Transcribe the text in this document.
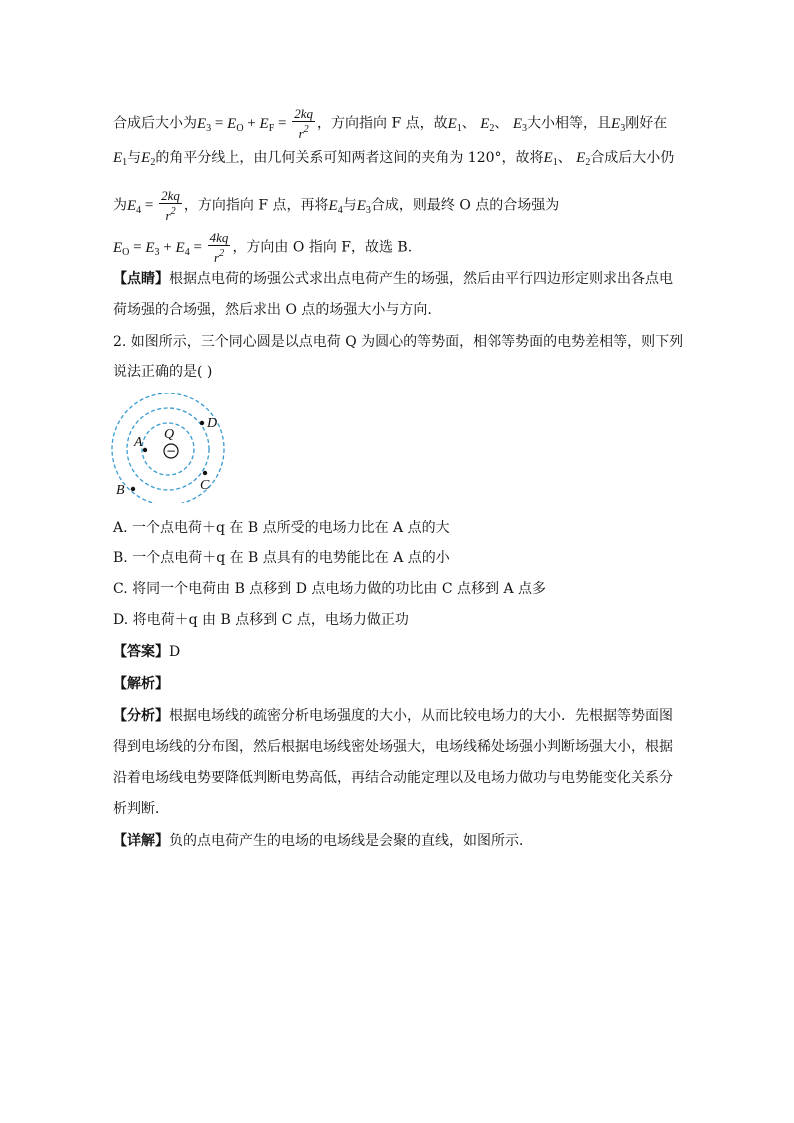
合成后大小为$E_3 = E_O + E_F = \frac{2kq}{r^2}$ ，方向指向 F 点，故$E_1$、 $E_2$、 $E_3$大小相等，且$E_3$刚好在
$E_1$与$E_2$的角平分线上，由几何关系可知两者这间的夹角为 120°，故将$E_1$、 $E_2$合成后大小仍
为$E_4 = \frac{2kq}{r^2}$ ，方向指向 F 点，再将$E_4$与$E_3$合成，则最终 O 点的合场强为
$E_O = E_3 + E_4 = \frac{4kq}{r^2}$ ，方向由 O 指向 F，故选 B.
【点睛】根据点电荷的场强公式求出点电荷产生的场强，然后由平行四边形定则求出各点电
荷场强的合场强，然后求出 O 点的场强大小与方向.
2. 如图所示，三个同心圆是以点电荷 Q 为圆心的等势面，相邻等势面的电势差相等，则下列
说法正确的是( )
−
Q
A
D
C
B
A. 一个点电荷＋q 在 B 点所受的电场力比在 A 点的大
B. 一个点电荷＋q 在 B 点具有的电势能比在 A 点的小
C. 将同一个电荷由 B 点移到 D 点电场力做的功比由 C 点移到 A 点多
D. 将电荷＋q 由 B 点移到 C 点，电场力做正功
【答案】D
【解析】
【分析】根据电场线的疏密分析电场强度的大小，从而比较电场力的大小．先根据等势面图
得到电场线的分布图，然后根据电场线密处场强大，电场线稀处场强小判断场强大小，根据
沿着电场线电势要降低判断电势高低，再结合动能定理以及电场力做功与电势能变化关系分
析判断．
【详解】负的点电荷产生的电场的电场线是会聚的直线，如图所示．
